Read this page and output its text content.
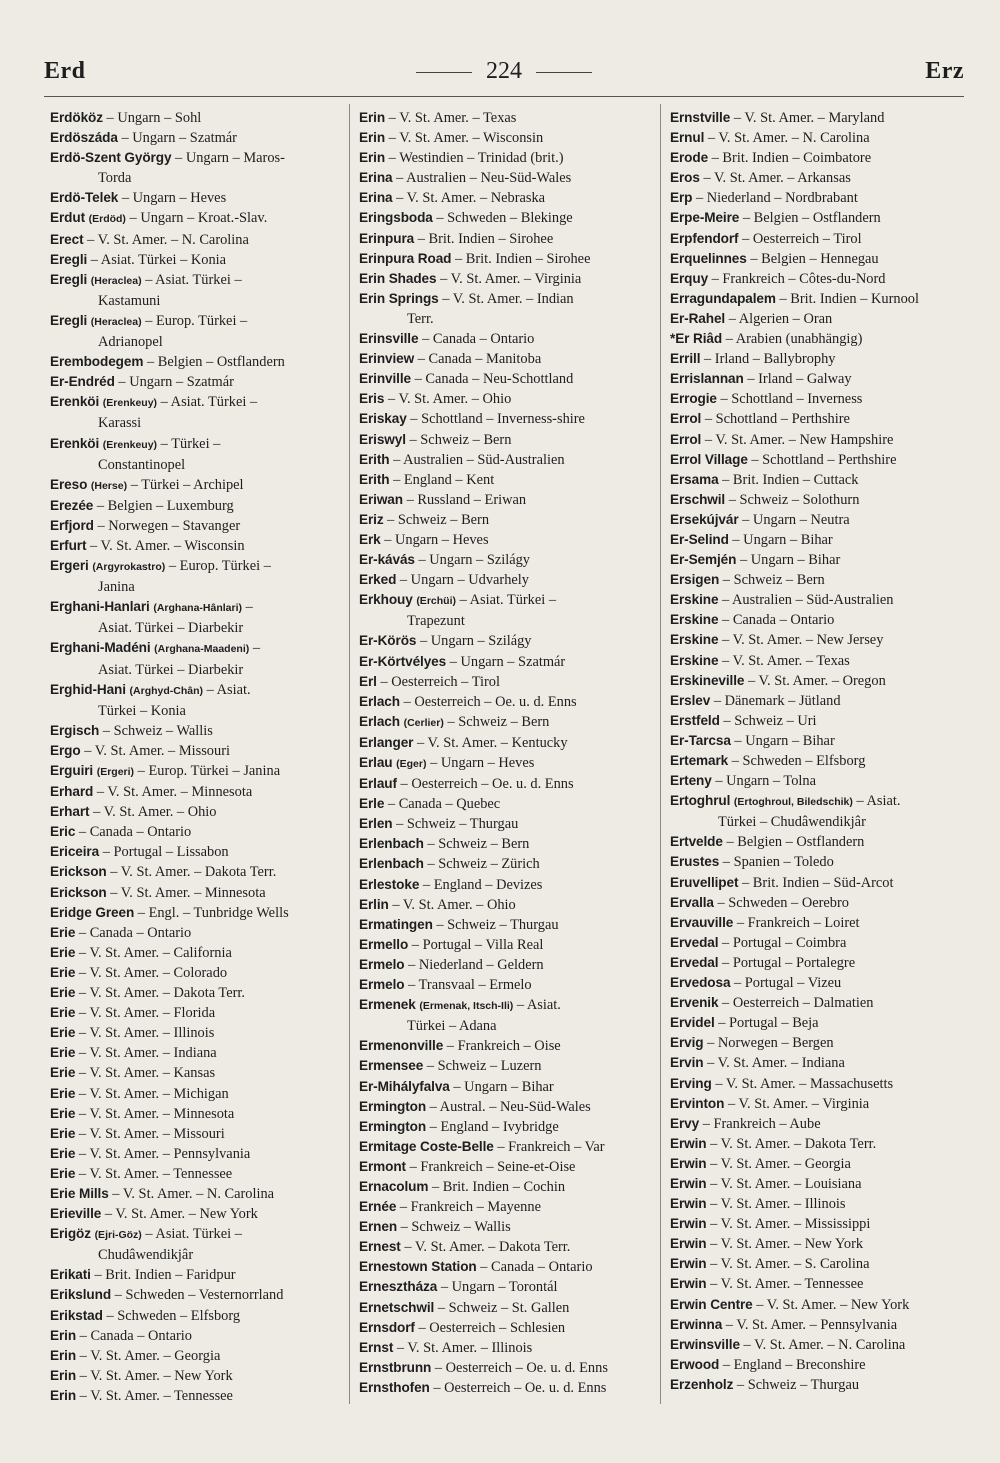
Erd	224	Erz
Erdököz – Ungarn – Sohl
Erdöszáda – Ungarn – Szatmár
Erdö-Szent György – Ungarn – Maros-
Torda
Erdö-Telek – Ungarn – Heves
Erdut (Erdöd) – Ungarn – Kroat.-Slav.
Erect – V. St. Amer. – N. Carolina
Eregli – Asiat. Türkei – Konia
Eregli (Heraclea) – Asiat. Türkei –
Kastamuni
Eregli (Heraclea) – Europ. Türkei –
Adrianopel
Erembodegem – Belgien – Ostflandern
Er-Endréd – Ungarn – Szatmár
Erenköi (Erenkeuy) – Asiat. Türkei –
Karassi
Erenköi (Erenkeuy) – Türkei –
Constantinopel
Ereso (Herse) – Türkei – Archipel
Erezée – Belgien – Luxemburg
Erfjord – Norwegen – Stavanger
Erfurt – V. St. Amer. – Wisconsin
Ergeri (Argyrokastro) – Europ. Türkei –
Janina
Erghani-Hanlari (Arghana-Hânlari) –
Asiat. Türkei – Diarbekir
Erghani-Madéni (Arghana-Maadeni) –
Asiat. Türkei – Diarbekir
Erghid-Hani (Arghyd-Chân) – Asiat.
Türkei – Konia
Ergisch – Schweiz – Wallis
Ergo – V. St. Amer. – Missouri
Erguiri (Ergeri) – Europ. Türkei – Janina
Erhard – V. St. Amer. – Minnesota
Erhart – V. St. Amer. – Ohio
Eric – Canada – Ontario
Ericeira – Portugal – Lissabon
Erickson – V. St. Amer. – Dakota Terr.
Erickson – V. St. Amer. – Minnesota
Eridge Green – Engl. – Tunbridge Wells
Erie – Canada – Ontario
Erie – V. St. Amer. – California
Erie – V. St. Amer. – Colorado
Erie – V. St. Amer. – Dakota Terr.
Erie – V. St. Amer. – Florida
Erie – V. St. Amer. – Illinois
Erie – V. St. Amer. – Indiana
Erie – V. St. Amer. – Kansas
Erie – V. St. Amer. – Michigan
Erie – V. St. Amer. – Minnesota
Erie – V. St. Amer. – Missouri
Erie – V. St. Amer. – Pennsylvania
Erie – V. St. Amer. – Tennessee
Erie Mills – V. St. Amer. – N. Carolina
Erieville – V. St. Amer. – New York
Erigöz (Ejri-Göz) – Asiat. Türkei –
Chudâwendikjâr
Erikati – Brit. Indien – Faridpur
Erikslund – Schweden – Vesternorrland
Erikstad – Schweden – Elfsborg
Erin – Canada – Ontario
Erin – V. St. Amer. – Georgia
Erin – V. St. Amer. – New York
Erin – V. St. Amer. – Tennessee
Erin – V. St. Amer. – Texas
Erin – V. St. Amer. – Wisconsin
Erin – Westindien – Trinidad (brit.)
Erina – Australien – Neu-Süd-Wales
Erina – V. St. Amer. – Nebraska
Eringsboda – Schweden – Blekinge
Erinpura – Brit. Indien – Sirohee
Erinpura Road – Brit. Indien – Sirohee
Erin Shades – V. St. Amer. – Virginia
Erin Springs – V. St. Amer. – Indian
Terr.
Erinsville – Canada – Ontario
Erinview – Canada – Manitoba
Erinville – Canada – Neu-Schottland
Eris – V. St. Amer. – Ohio
Eriskay – Schottland – Inverness-shire
Eriswyl – Schweiz – Bern
Erith – Australien – Süd-Australien
Erith – England – Kent
Eriwan – Russland – Eriwan
Eriz – Schweiz – Bern
Erk – Ungarn – Heves
Er-kávás – Ungarn – Szilágy
Erked – Ungarn – Udvarhely
Erkhouy (Erchüi) – Asiat. Türkei –
Trapezunt
Er-Körös – Ungarn – Szilágy
Er-Körtvélyes – Ungarn – Szatmár
Erl – Oesterreich – Tirol
Erlach – Oesterreich – Oe. u. d. Enns
Erlach (Cerlier) – Schweiz – Bern
Erlanger – V. St. Amer. – Kentucky
Erlau (Eger) – Ungarn – Heves
Erlauf – Oesterreich – Oe. u. d. Enns
Erle – Canada – Quebec
Erlen – Schweiz – Thurgau
Erlenbach – Schweiz – Bern
Erlenbach – Schweiz – Zürich
Erlestoke – England – Devizes
Erlin – V. St. Amer. – Ohio
Ermatingen – Schweiz – Thurgau
Ermello – Portugal – Villa Real
Ermelo – Niederland – Geldern
Ermelo – Transvaal – Ermelo
Ermenek (Ermenak, Itsch-Ili) – Asiat.
Türkei – Adana
Ermenonville – Frankreich – Oise
Ermensee – Schweiz – Luzern
Er-Mihályfalva – Ungarn – Bihar
Ermington – Austral. – Neu-Süd-Wales
Ermington – England – Ivybridge
Ermitage Coste-Belle – Frankreich – Var
Ermont – Frankreich – Seine-et-Oise
Ernacolum – Brit. Indien – Cochin
Ernée – Frankreich – Mayenne
Ernen – Schweiz – Wallis
Ernest – V. St. Amer. – Dakota Terr.
Ernestown Station – Canada – Ontario
Ernesztháza – Ungarn – Torontál
Ernetschwil – Schweiz – St. Gallen
Ernsdorf – Oesterreich – Schlesien
Ernst – V. St. Amer. – Illinois
Ernstbrunn – Oesterreich – Oe. u. d. Enns
Ernsthofen – Oesterreich – Oe. u. d. Enns
Ernstville – V. St. Amer. – Maryland
Ernul – V. St. Amer. – N. Carolina
Erode – Brit. Indien – Coimbatore
Eros – V. St. Amer. – Arkansas
Erp – Niederland – Nordbrabant
Erpe-Meire – Belgien – Ostflandern
Erpfendorf – Oesterreich – Tirol
Erquelinnes – Belgien – Hennegau
Erquy – Frankreich – Côtes-du-Nord
Erragundapalem – Brit. Indien – Kurnool
Er-Rahel – Algerien – Oran
*Er Riâd – Arabien (unabhängig)
Errill – Irland – Ballybrophy
Errislannan – Irland – Galway
Errogie – Schottland – Inverness
Errol – Schottland – Perthshire
Errol – V. St. Amer. – New Hampshire
Errol Village – Schottland – Perthshire
Ersama – Brit. Indien – Cuttack
Erschwil – Schweiz – Solothurn
Ersekújvár – Ungarn – Neutra
Er-Selind – Ungarn – Bihar
Er-Semjén – Ungarn – Bihar
Ersigen – Schweiz – Bern
Erskine – Australien – Süd-Australien
Erskine – Canada – Ontario
Erskine – V. St. Amer. – New Jersey
Erskine – V. St. Amer. – Texas
Erskineville – V. St. Amer. – Oregon
Erslev – Dänemark – Jütland
Erstfeld – Schweiz – Uri
Er-Tarcsa – Ungarn – Bihar
Ertemark – Schweden – Elfsborg
Erteny – Ungarn – Tolna
Ertoghrul (Ertoghroul, Biledschik) – Asiat.
Türkei – Chudâwendikjâr
Ertvelde – Belgien – Ostflandern
Erustes – Spanien – Toledo
Eruvellipet – Brit. Indien – Süd-Arcot
Ervalla – Schweden – Oerebro
Ervauville – Frankreich – Loiret
Ervedal – Portugal – Coimbra
Ervedal – Portugal – Portalegre
Ervedosa – Portugal – Vizeu
Ervenik – Oesterreich – Dalmatien
Ervidel – Portugal – Beja
Ervig – Norwegen – Bergen
Ervin – V. St. Amer. – Indiana
Erving – V. St. Amer. – Massachusetts
Ervinton – V. St. Amer. – Virginia
Ervy – Frankreich – Aube
Erwin – V. St. Amer. – Dakota Terr.
Erwin – V. St. Amer. – Georgia
Erwin – V. St. Amer. – Louisiana
Erwin – V. St. Amer. – Illinois
Erwin – V. St. Amer. – Mississippi
Erwin – V. St. Amer. – New York
Erwin – V. St. Amer. – S. Carolina
Erwin – V. St. Amer. – Tennessee
Erwin Centre – V. St. Amer. – New York
Erwinna – V. St. Amer. – Pennsylvania
Erwinsville – V. St. Amer. – N. Carolina
Erwood – England – Breconshire
Erzenholz – Schweiz – Thurgau
